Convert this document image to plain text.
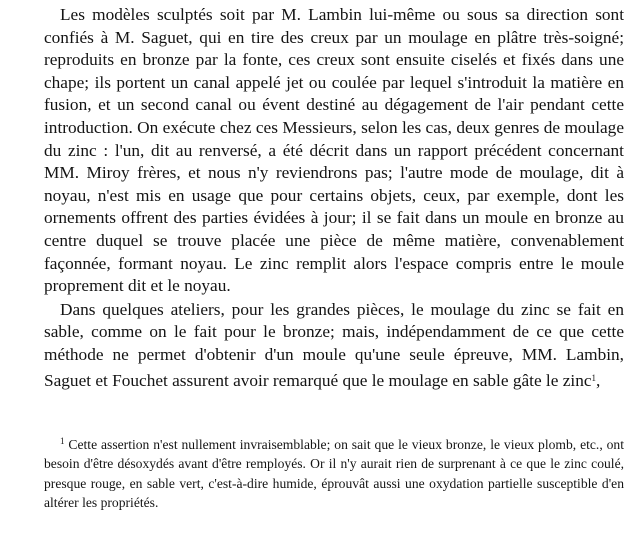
Les modèles sculptés soit par M. Lambin lui-même ou sous sa direction sont confiés à M. Saguet, qui en tire des creux par un moulage en plâtre très-soigné; reproduits en bronze par la fonte, ces creux sont ensuite ciselés et fixés dans une chape; ils portent un canal appelé jet ou coulée par lequel s'introduit la matière en fusion, et un second canal ou évent destiné au dégagement de l'air pendant cette introduction. On exécute chez ces Messieurs, selon les cas, deux genres de moulage du zinc : l'un, dit au renversé, a été décrit dans un rapport précédent concernant MM. Miroy frères, et nous n'y reviendrons pas; l'autre mode de moulage, dit à noyau, n'est mis en usage que pour certains objets, ceux, par exemple, dont les ornements offrent des parties évidées à jour; il se fait dans un moule en bronze au centre duquel se trouve placée une pièce de même matière, convenablement façonnée, formant noyau. Le zinc remplit alors l'espace compris entre le moule proprement dit et le noyau.

Dans quelques ateliers, pour les grandes pièces, le moulage du zinc se fait en sable, comme on le fait pour le bronze; mais, indépendamment de ce que cette méthode ne permet d'obtenir d'un moule qu'une seule épreuve, MM. Lambin, Saguet et Fouchet assurent avoir remarqué que le moulage en sable gâte le zinc$^1$,

$^1$ Cette assertion n'est nullement invraisemblable; on sait que le vieux bronze, le vieux plomb, etc., ont besoin d'être désoxydés avant d'être remployés. Or il n'y aurait rien de surprenant à ce que le zinc coulé, presque rouge, en sable vert, c'est-à-dire humide, éprouvât aussi une oxydation partielle susceptible d'en altérer les propriétés.
